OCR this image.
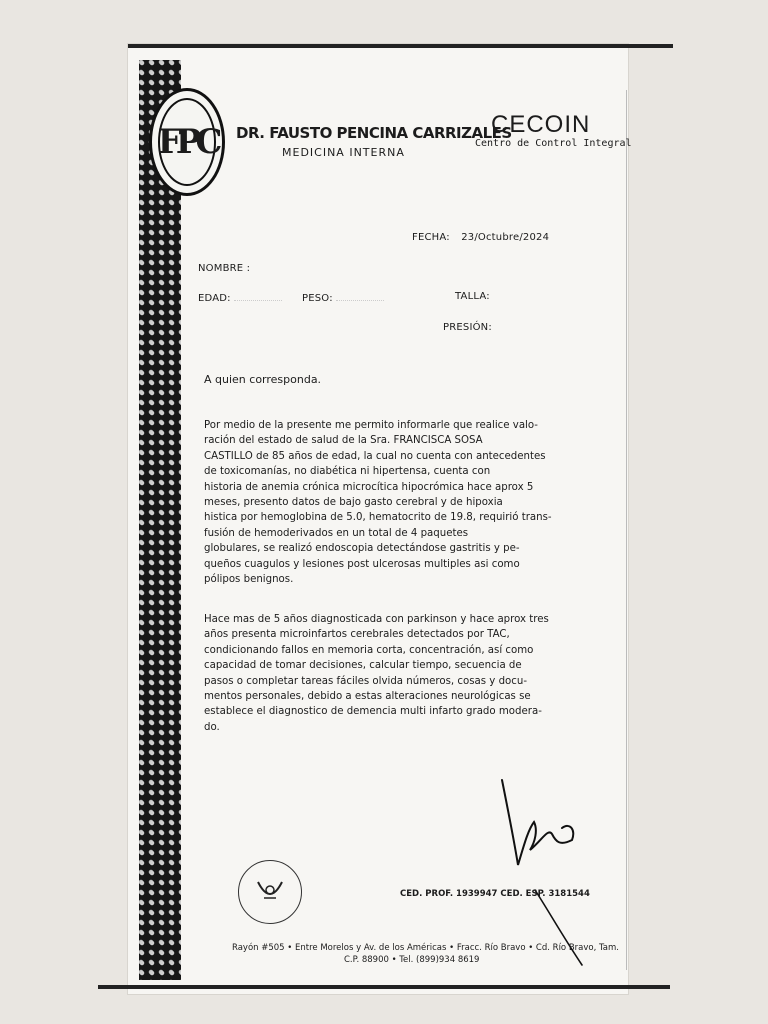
FPC DR. FAUSTO PENCINA CARRIZALES
MEDICINA INTERNA
CECOIN
Centro de Control Integral
FECHA: 23/Octubre/2024
NOMBRE :
EDAD:	PESO:	TALLA:
PRESIÓN:
A quien corresponda.

Por medio de la presente me permito informarle que realice valo-
ración del estado de salud de la Sra. FRANCISCA SOSA
CASTILLO de 85 años de edad, la cual no cuenta con antecedentes
de toxicomanías, no diabética ni hipertensa, cuenta con
historia de anemia crónica microcítica hipocrómica hace aprox 5
meses, presento datos de bajo gasto cerebral y de hipoxia
histica por hemoglobina de 5.0, hematocrito de 19.8, requirió trans-
fusión de hemoderivados en un total de 4 paquetes
globulares, se realizó endoscopia detectándose gastritis y pe-
queños cuagulos y lesiones post ulcerosas multiples asi como
pólipos benignos.

Hace mas de 5 años diagnosticada con parkinson y hace aprox tres
años presenta microinfartos cerebrales detectados por TAC,
condicionando fallos en memoria corta, concentración, así como
capacidad de tomar decisiones, calcular tiempo, secuencia de
pasos o completar tareas fáciles olvida números, cosas y docu-
mentos personales, debido a estas alteraciones neurológicas se
establece el diagnostico de demencia multi infarto grado modera-
do.

CED. PROF. 1939947 CED. ESP. 3181544
Rayón #505 • Entre Morelos y Av. de los Américas • Fracc. Río Bravo • Cd. Río Bravo, Tam.
C.P. 88900 • Tel. (899)934 8619
